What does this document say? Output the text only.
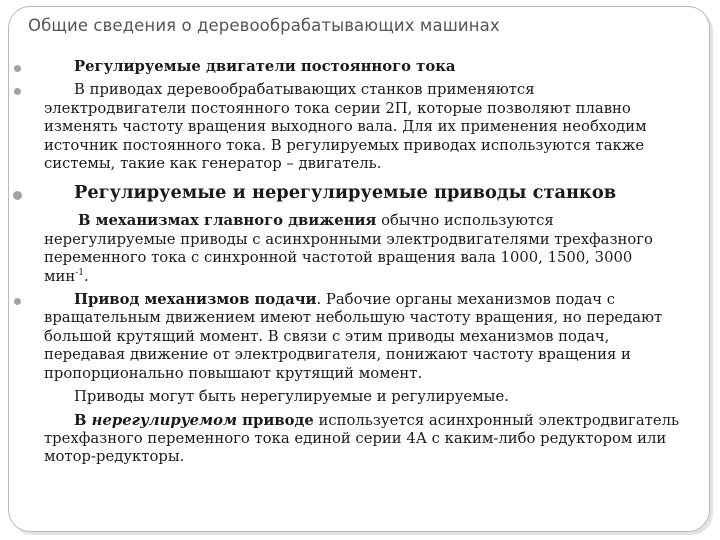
Общие сведения о деревообрабатывающих машинах

Регулируемые двигатели постоянного тока

В приводах деревообрабатывающих станков применяются электродвигатели постоянного тока серии 2П, которые позволяют плавно изменять частоту вращения выходного вала. Для их применения необходим источник постоянного тока. В регулируемых приводах используются также системы, такие как генератор – двигатель.

Регулируемые и нерегулируемые приводы станков

В механизмах главного движения обычно используются нерегулируемые приводы с асинхронными электродвигателями трехфазного переменного тока с синхронной частотой вращения вала 1000, 1500, 3000 мин$^{-1}$.

Привод механизмов подачи. Рабочие органы механизмов подач с вращательным движением имеют небольшую частоту вращения, но передают большой крутящий момент. В связи с этим приводы механизмов подач, передавая движение от электродвигателя, понижают частоту вращения и пропорционально повышают крутящий момент.

Приводы могут быть нерегулируемые и регулируемые.

В нерегулируемом приводе используется асинхронный электродвигатель трехфазного переменного тока единой серии 4А с каким-либо редуктором или мотор-редукторы.
